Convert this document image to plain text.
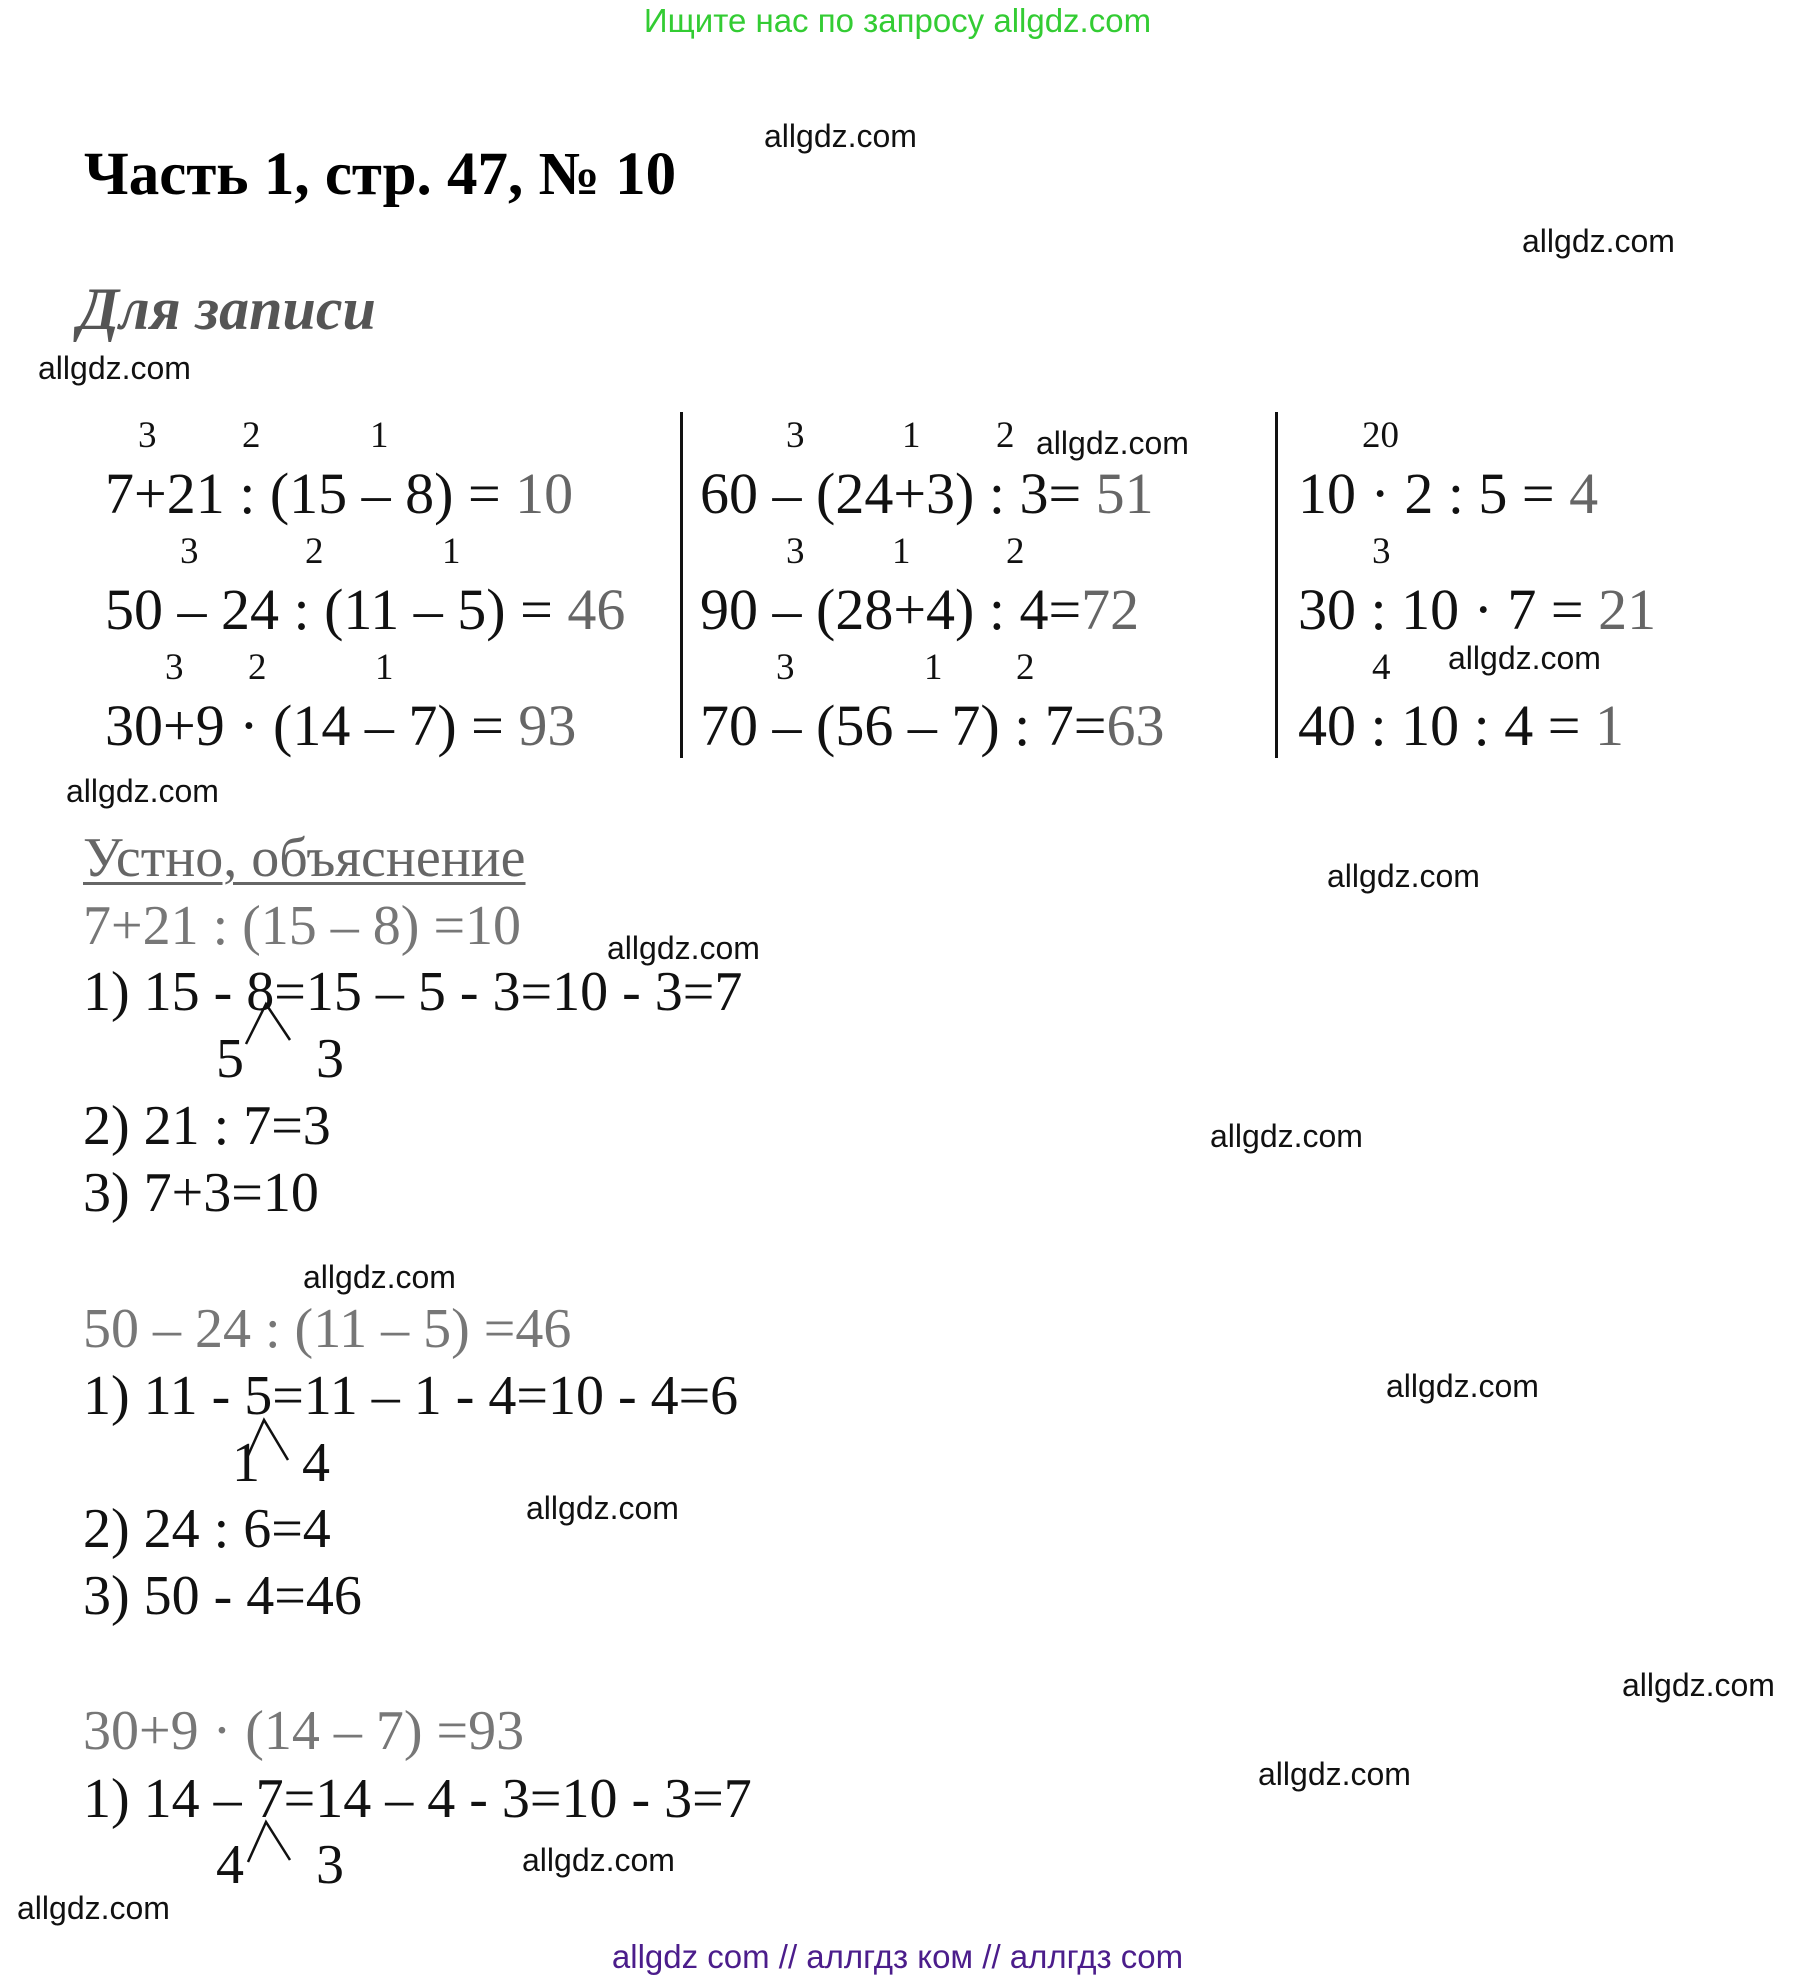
Ищите нас по запросу allgdz.com
allgdz.com
allgdz.com
allgdz.com
allgdz.com
allgdz.com
allgdz.com
allgdz.com
allgdz.com
allgdz.com
allgdz.com
allgdz.com
allgdz.com
allgdz.com
allgdz.com
allgdz.com
allgdz.com
Часть 1, стр. 47, № 10
Для записи
3 2	1
7+21 : (15 – 8) = 10
3	2	1
50 – 24 : (11 – 5) = 46
3 2	1
30+9 · (14 – 7) = 93
3	1 2
60 – (24+3) : 3= 51
3 1	2
90 – (28+4) : 4=72
3	1 2
70 – (56 – 7) : 7=63
20
10 · 2 : 5 = 4
3
30 : 10 · 7 = 21
4
40 : 10 : 4 = 1
Устно, объяснение
7+21 : (15 – 8) =10
1) 15 - 8=15 – 5 - 3=10 - 3=7
5 3
2) 21 : 7=3
3) 7+3=10
50 – 24 : (11 – 5) =46
1) 11 - 5=11 – 1 - 4=10 - 4=6
1 4
2) 24 : 6=4
3) 50 - 4=46
30+9 · (14 – 7) =93
1) 14 – 7=14 – 4 - 3=10 - 3=7
4 3
allgdz com // аллгдз ком // аллгдз com
